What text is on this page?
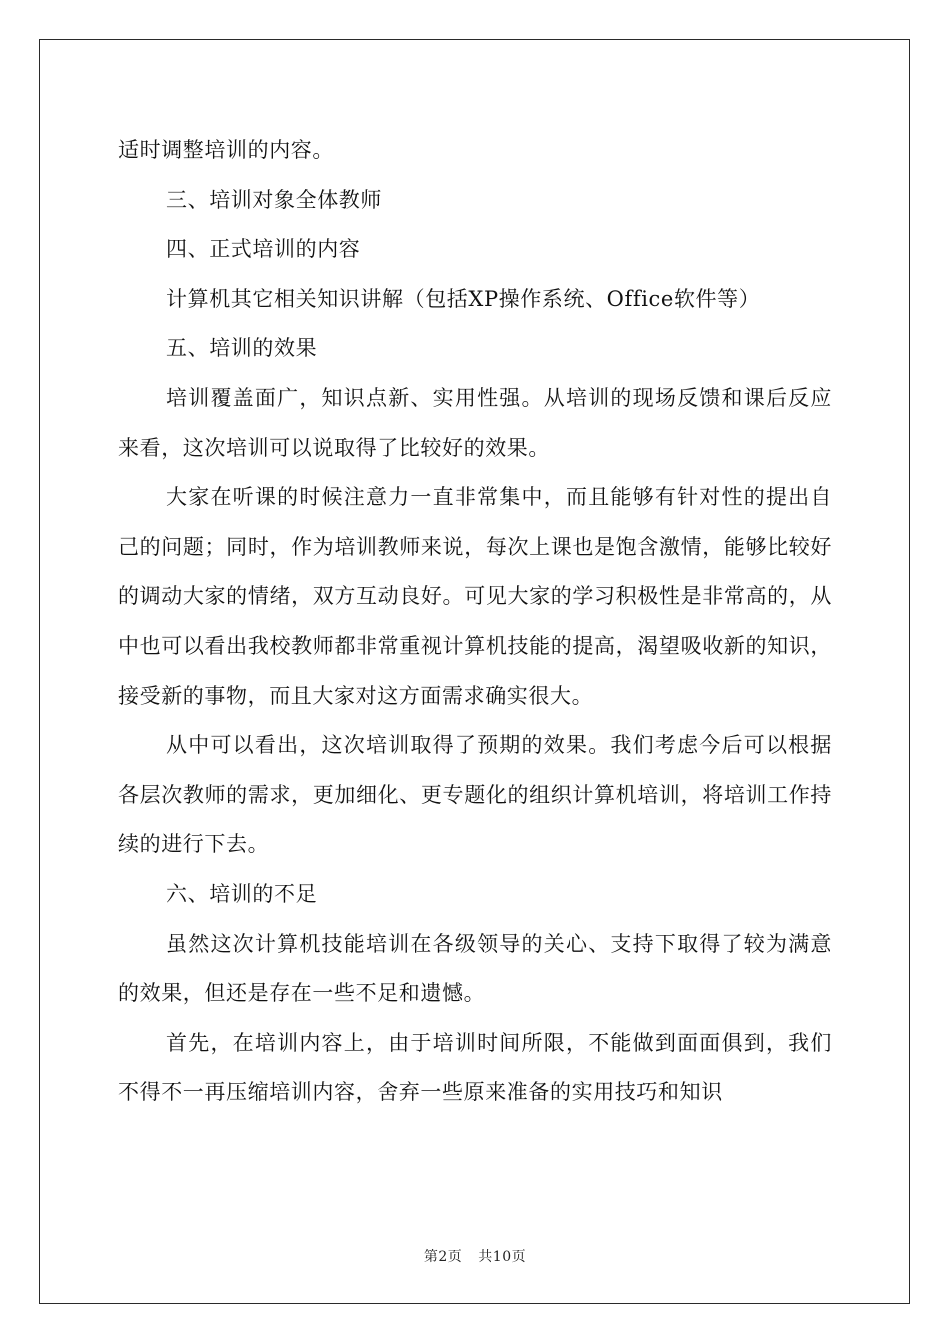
适时调整培训的内容。

三、培训对象全体教师

四、正式培训的内容

计算机其它相关知识讲解（包括XP操作系统、Office软件等）

五、培训的效果

培训覆盖面广，知识点新、实用性强。从培训的现场反馈和课后反应来看，这次培训可以说取得了比较好的效果。

大家在听课的时候注意力一直非常集中，而且能够有针对性的提出自己的问题；同时，作为培训教师来说，每次上课也是饱含激情，能够比较好的调动大家的情绪，双方互动良好。可见大家的学习积极性是非常高的，从中也可以看出我校教师都非常重视计算机技能的提高，渴望吸收新的知识，接受新的事物，而且大家对这方面需求确实很大。

从中可以看出，这次培训取得了预期的效果。我们考虑今后可以根据各层次教师的需求，更加细化、更专题化的组织计算机培训，将培训工作持续的进行下去。

六、培训的不足

虽然这次计算机技能培训在各级领导的关心、支持下取得了较为满意的效果，但还是存在一些不足和遗憾。

首先，在培训内容上，由于培训时间所限，不能做到面面俱到，我们不得不一再压缩培训内容，舍弃一些原来准备的实用技巧和知识

第2页 共10页
